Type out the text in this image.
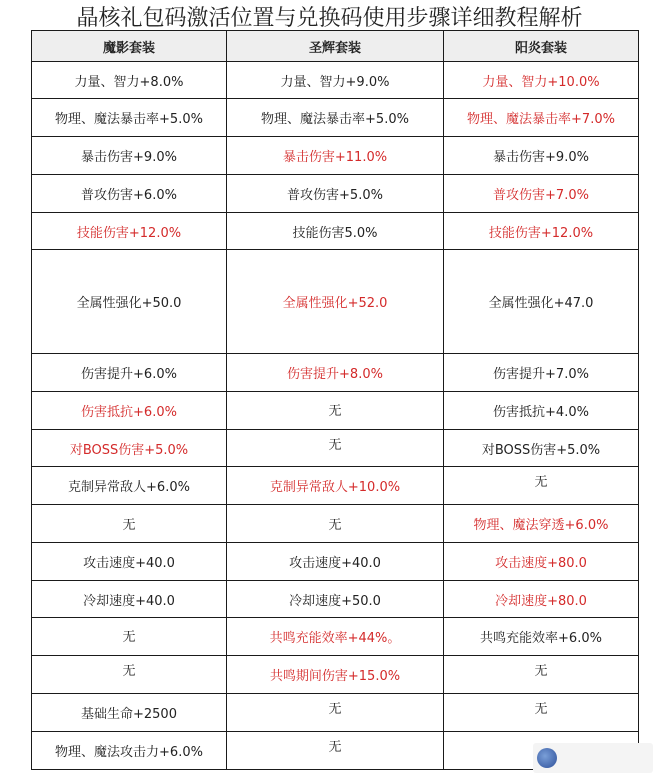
晶核礼包码激活位置与兑换码使用步骤详细教程解析
魔影套装	圣辉套装	阳炎套装
力量、智力+8.0%	力量、智力+9.0%	力量、智力+10.0%
物理、魔法暴击率+5.0%	物理、魔法暴击率+5.0%	物理、魔法暴击率+7.0%
暴击伤害+9.0%	暴击伤害+11.0%	暴击伤害+9.0%
普攻伤害+6.0%	普攻伤害+5.0%	普攻伤害+7.0%
技能伤害+12.0%	技能伤害5.0%	技能伤害+12.0%
全属性强化+50.0	全属性强化+52.0	全属性强化+47.0
伤害提升+6.0%	伤害提升+8.0%	伤害提升+7.0%
伤害抵抗+6.0%	无	伤害抵抗+4.0%
对BOSS伤害+5.0%	无	对BOSS伤害+5.0%
克制异常敌人+6.0%	克制异常敌人+10.0%	无
无	无	物理、魔法穿透+6.0%
攻击速度+40.0	攻击速度+40.0	攻击速度+80.0
冷却速度+40.0	冷却速度+50.0	冷却速度+80.0
无	共鸣充能效率+44%。	共鸣充能效率+6.0%
无	共鸣期间伤害+15.0%	无
基础生命+2500	无	无
物理、魔法攻击力+6.0%	无	
